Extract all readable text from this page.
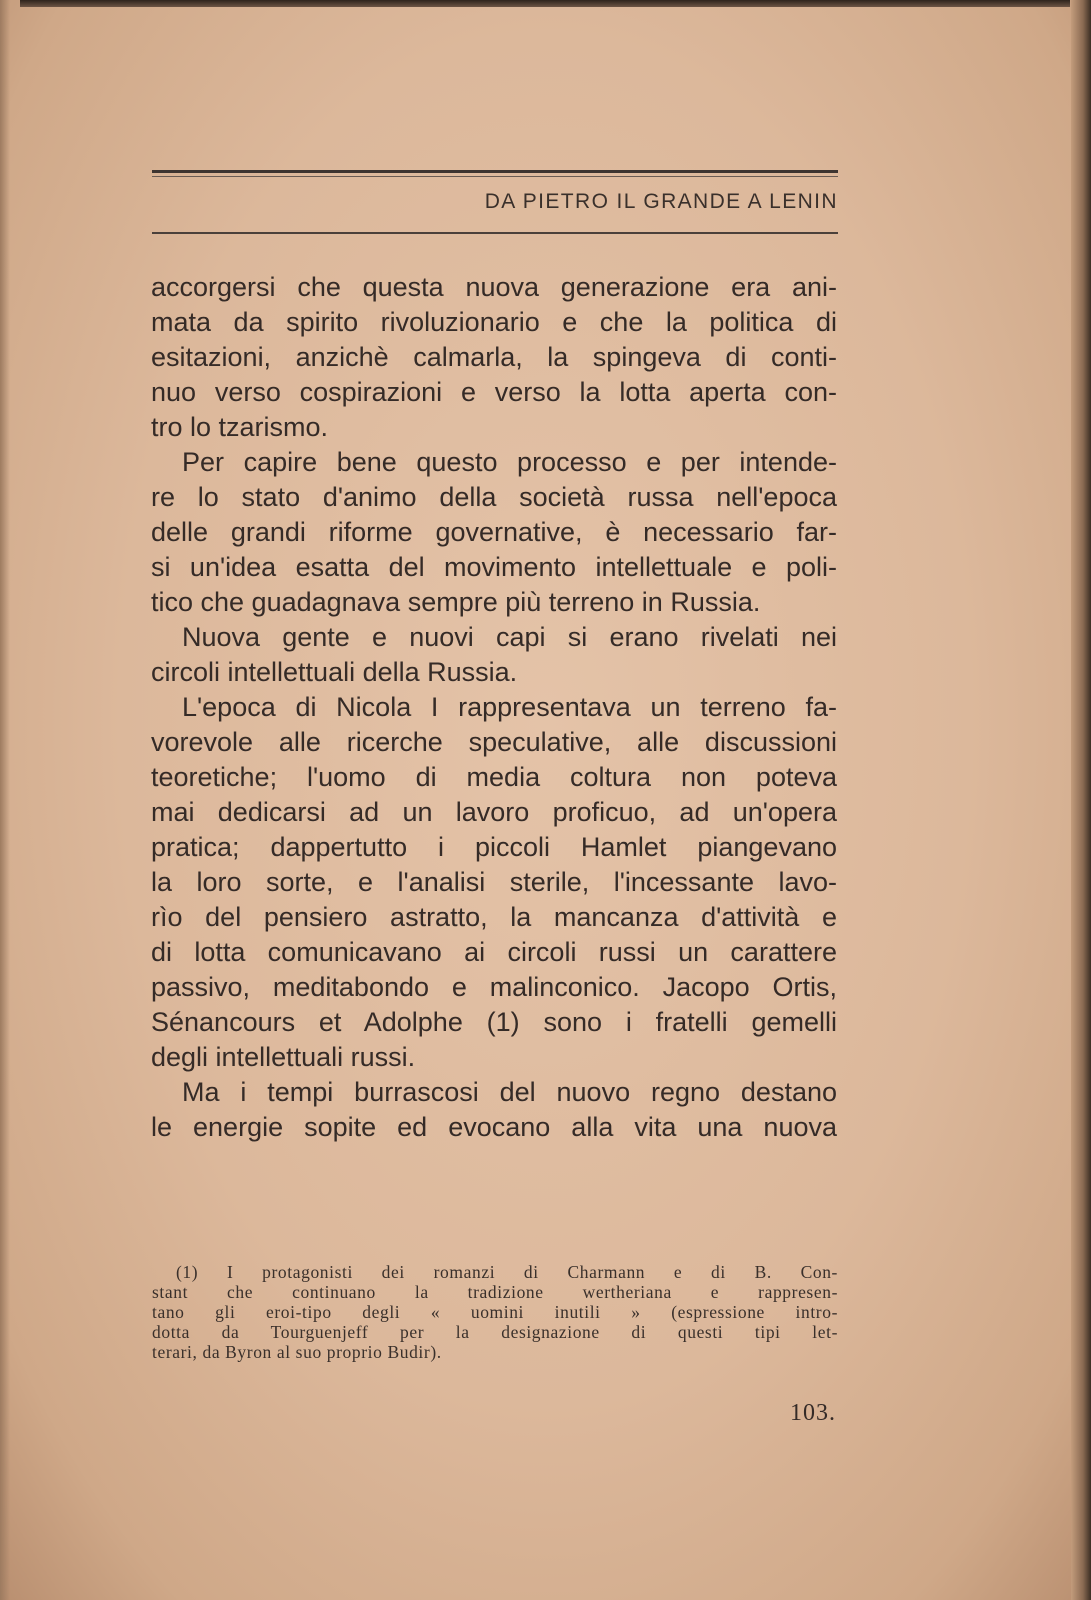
DA PIETRO IL GRANDE A LENIN

accorgersi che questa nuova generazione era ani-
mata da spirito rivoluzionario e che la politica di
esitazioni, anzichè calmarla, la spingeva di conti-
nuo verso cospirazioni e verso la lotta aperta con-
tro lo tzarismo.

Per capire bene questo processo e per intende-
re lo stato d'animo della società russa nell'epoca
delle grandi riforme governative, è necessario far-
si un'idea esatta del movimento intellettuale e poli-
tico che guadagnava sempre più terreno in Russia.

Nuova gente e nuovi capi si erano rivelati nei
circoli intellettuali della Russia.

L'epoca di Nicola I rappresentava un terreno fa-
vorevole alle ricerche speculative, alle discussioni
teoretiche; l'uomo di media coltura non poteva
mai dedicarsi ad un lavoro proficuo, ad un'opera
pratica; dappertutto i piccoli Hamlet piangevano
la loro sorte, e l'analisi sterile, l'incessante lavo-
rìo del pensiero astratto, la mancanza d'attività e
di lotta comunicavano ai circoli russi un carattere
passivo, meditabondo e malinconico. Jacopo Ortis,
Sénancours et Adolphe (1) sono i fratelli gemelli
degli intellettuali russi.

Ma i tempi burrascosi del nuovo regno destano
le energie sopite ed evocano alla vita una nuova

(1) I protagonisti dei romanzi di Charmann e di B. Con-
stant che continuano la tradizione wertheriana e rappresen-
tano gli eroi-tipo degli « uomini inutili » (espressione intro-
dotta da Tourguenjeff per la designazione di questi tipi let-
terari, da Byron al suo proprio Budir).
103.
